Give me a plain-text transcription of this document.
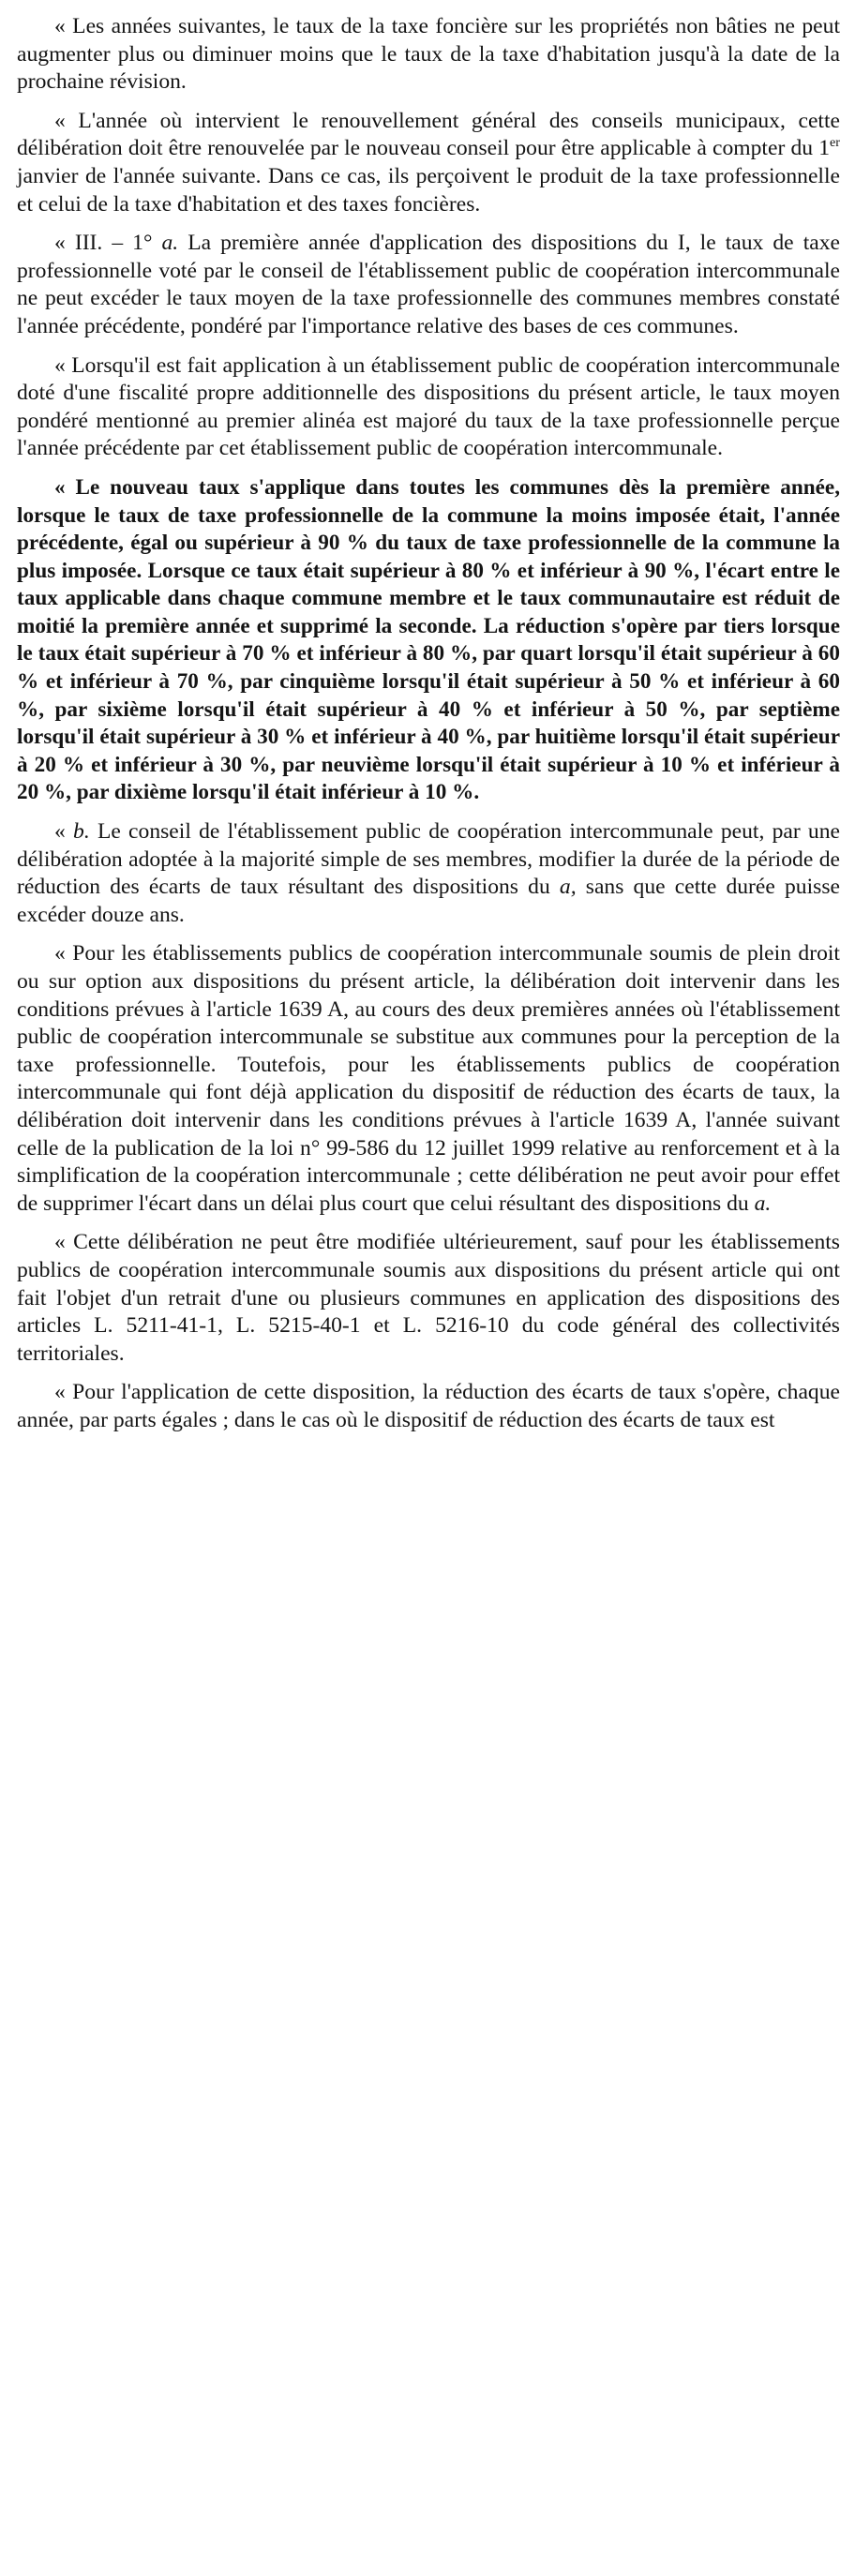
« Les années suivantes, le taux de la taxe foncière sur les propriétés non bâties ne peut augmenter plus ou diminuer moins que le taux de la taxe d'habitation jusqu'à la date de la prochaine révision.

« L'année où intervient le renouvellement général des conseils municipaux, cette délibération doit être renouvelée par le nouveau conseil pour être applicable à compter du 1er janvier de l'année suivante. Dans ce cas, ils perçoivent le produit de la taxe professionnelle et celui de la taxe d'habitation et des taxes foncières.

« III. – 1° a. La première année d'application des dispositions du I, le taux de taxe professionnelle voté par le conseil de l'établissement public de coopération intercommunale ne peut excéder le taux moyen de la taxe professionnelle des communes membres constaté l'année précédente, pondéré par l'importance relative des bases de ces communes.

« Lorsqu'il est fait application à un établissement public de coopération intercommunale doté d'une fiscalité propre additionnelle des dispositions du présent article, le taux moyen pondéré mentionné au premier alinéa est majoré du taux de la taxe professionnelle perçue l'année précédente par cet établissement public de coopération intercommunale.

« Le nouveau taux s'applique dans toutes les communes dès la première année, lorsque le taux de taxe professionnelle de la commune la moins imposée était, l'année précédente, égal ou supérieur à 90 % du taux de taxe professionnelle de la commune la plus imposée. Lorsque ce taux était supérieur à 80 % et inférieur à 90 %, l'écart entre le taux applicable dans chaque commune membre et le taux communautaire est réduit de moitié la première année et supprimé la seconde. La réduction s'opère par tiers lorsque le taux était supérieur à 70 % et inférieur à 80 %, par quart lorsqu'il était supérieur à 60 % et inférieur à 70 %, par cinquième lorsqu'il était supérieur à 50 % et inférieur à 60 %, par sixième lorsqu'il était supérieur à 40 % et inférieur à 50 %, par septième lorsqu'il était supérieur à 30 % et inférieur à 40 %, par huitième lorsqu'il était supérieur à 20 % et inférieur à 30 %, par neuvième lorsqu'il était supérieur à 10 % et inférieur à 20 %, par dixième lorsqu'il était inférieur à 10 %.

« b. Le conseil de l'établissement public de coopération intercommunale peut, par une délibération adoptée à la majorité simple de ses membres, modifier la durée de la période de réduction des écarts de taux résultant des dispositions du a, sans que cette durée puisse excéder douze ans.

« Pour les établissements publics de coopération intercommunale soumis de plein droit ou sur option aux dispositions du présent article, la délibération doit intervenir dans les conditions prévues à l'article 1639 A, au cours des deux premières années où l'établissement public de coopération intercommunale se substitue aux communes pour la perception de la taxe professionnelle. Toutefois, pour les établissements publics de coopération intercommunale qui font déjà application du dispositif de réduction des écarts de taux, la délibération doit intervenir dans les conditions prévues à l'article 1639 A, l'année suivant celle de la publication de la loi n° 99-586 du 12 juillet 1999 relative au renforcement et à la simplification de la coopération intercommunale ; cette délibération ne peut avoir pour effet de supprimer l'écart dans un délai plus court que celui résultant des dispositions du a.

« Cette délibération ne peut être modifiée ultérieurement, sauf pour les établissements publics de coopération intercommunale soumis aux dispositions du présent article qui ont fait l'objet d'un retrait d'une ou plusieurs communes en application des dispositions des articles L. 5211-41-1, L. 5215-40-1 et L. 5216-10 du code général des collectivités territoriales.

« Pour l'application de cette disposition, la réduction des écarts de taux s'opère, chaque année, par parts égales ; dans le cas où le dispositif de réduction des écarts de taux est
